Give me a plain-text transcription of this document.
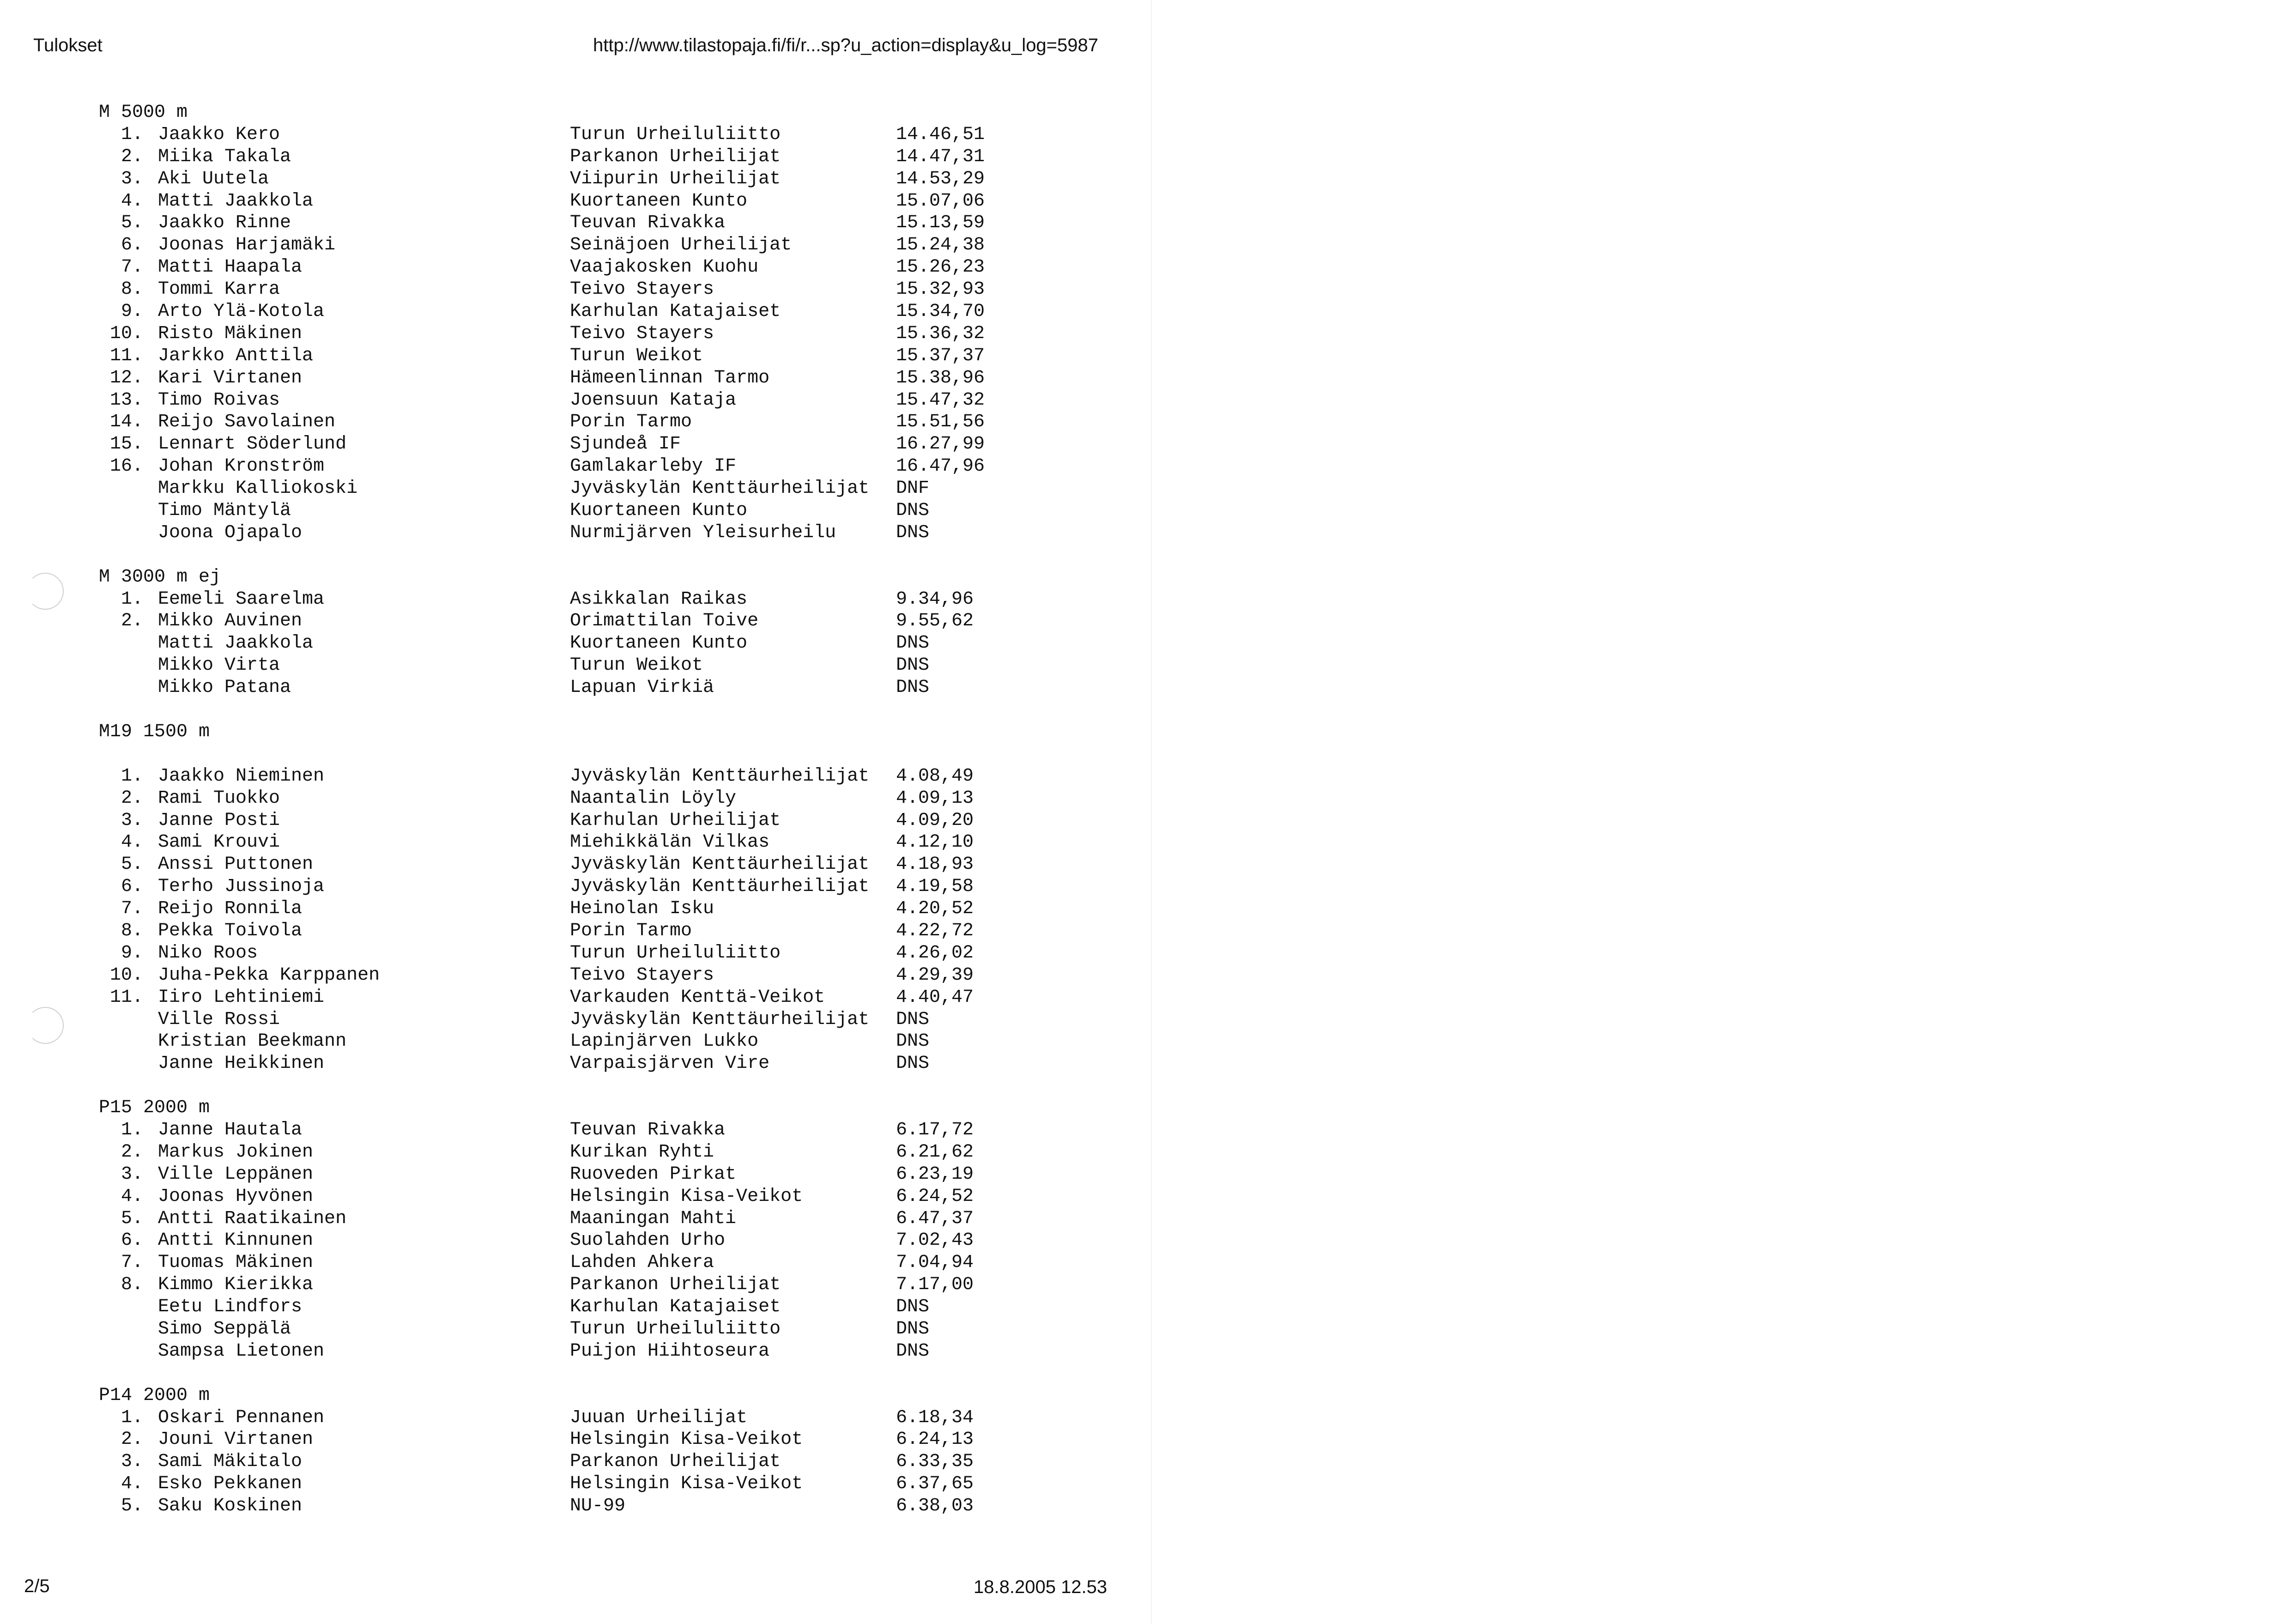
Tulokset	http://www.tilastopaja.fi/fi/r...sp?u_action=display&u_log=5987
M 5000 m
1. Jaakko Kero	Turun Urheiluliitto	14.46,51
2. Miika Takala	Parkanon Urheilijat	14.47,31
3. Aki Uutela	Viipurin Urheilijat	14.53,29
4. Matti Jaakkola	Kuortaneen Kunto	15.07,06
5. Jaakko Rinne	Teuvan Rivakka	15.13,59
6. Joonas Harjamäki	Seinäjoen Urheilijat	15.24,38
7. Matti Haapala	Vaajakosken Kuohu	15.26,23
8. Tommi Karra	Teivo Stayers	15.32,93
9. Arto Ylä-Kotola	Karhulan Katajaiset	15.34,70
10. Risto Mäkinen	Teivo Stayers	15.36,32
11. Jarkko Anttila	Turun Weikot	15.37,37
12. Kari Virtanen	Hämeenlinnan Tarmo	15.38,96
13. Timo Roivas	Joensuun Kataja	15.47,32
14. Reijo Savolainen	Porin Tarmo	15.51,56
15. Lennart Söderlund	Sjundeå IF	16.27,99
16. Johan Kronström	Gamlakarleby IF	16.47,96
Markku Kalliokoski	Jyväskylän Kenttäurheilijat DNF
Timo Mäntylä	Kuortaneen Kunto	DNS
Joona Ojapalo	Nurmijärven Yleisurheilu	DNS
M 3000 m ej
1. Eemeli Saarelma	Asikkalan Raikas	9.34,96
2. Mikko Auvinen	Orimattilan Toive	9.55,62
Matti Jaakkola	Kuortaneen Kunto	DNS
Mikko Virta	Turun Weikot	DNS
Mikko Patana	Lapuan Virkiä	DNS
M19 1500 m
1. Jaakko Nieminen	Jyväskylän Kenttäurheilijat 4.08,49
2. Rami Tuokko	Naantalin Löyly	4.09,13
3. Janne Posti	Karhulan Urheilijat	4.09,20
4. Sami Krouvi	Miehikkälän Vilkas	4.12,10
5. Anssi Puttonen	Jyväskylän Kenttäurheilijat 4.18,93
6. Terho Jussinoja	Jyväskylän Kenttäurheilijat 4.19,58
7. Reijo Ronnila	Heinolan Isku	4.20,52
8. Pekka Toivola	Porin Tarmo	4.22,72
9. Niko Roos	Turun Urheiluliitto	4.26,02
10. Juha-Pekka Karppanen	Teivo Stayers	4.29,39
11. Iiro Lehtiniemi	Varkauden Kenttä-Veikot	4.40,47
Ville Rossi	Jyväskylän Kenttäurheilijat DNS
Kristian Beekmann	Lapinjärven Lukko	DNS
Janne Heikkinen	Varpaisjärven Vire	DNS
P15 2000 m
1. Janne Hautala	Teuvan Rivakka	6.17,72
2. Markus Jokinen	Kurikan Ryhti	6.21,62
3. Ville Leppänen	Ruoveden Pirkat	6.23,19
4. Joonas Hyvönen	Helsingin Kisa-Veikot	6.24,52
5. Antti Raatikainen	Maaningan Mahti	6.47,37
6. Antti Kinnunen	Suolahden Urho	7.02,43
7. Tuomas Mäkinen	Lahden Ahkera	7.04,94
8. Kimmo Kierikka	Parkanon Urheilijat	7.17,00
Eetu Lindfors	Karhulan Katajaiset	DNS
Simo Seppälä	Turun Urheiluliitto	DNS
Sampsa Lietonen	Puijon Hiihtoseura	DNS
P14 2000 m
1. Oskari Pennanen	Juuan Urheilijat	6.18,34
2. Jouni Virtanen	Helsingin Kisa-Veikot	6.24,13
3. Sami Mäkitalo	Parkanon Urheilijat	6.33,35
4. Esko Pekkanen	Helsingin Kisa-Veikot	6.37,65
5. Saku Koskinen	NU-99	6.38,03
2/5	18.8.2005 12.53
